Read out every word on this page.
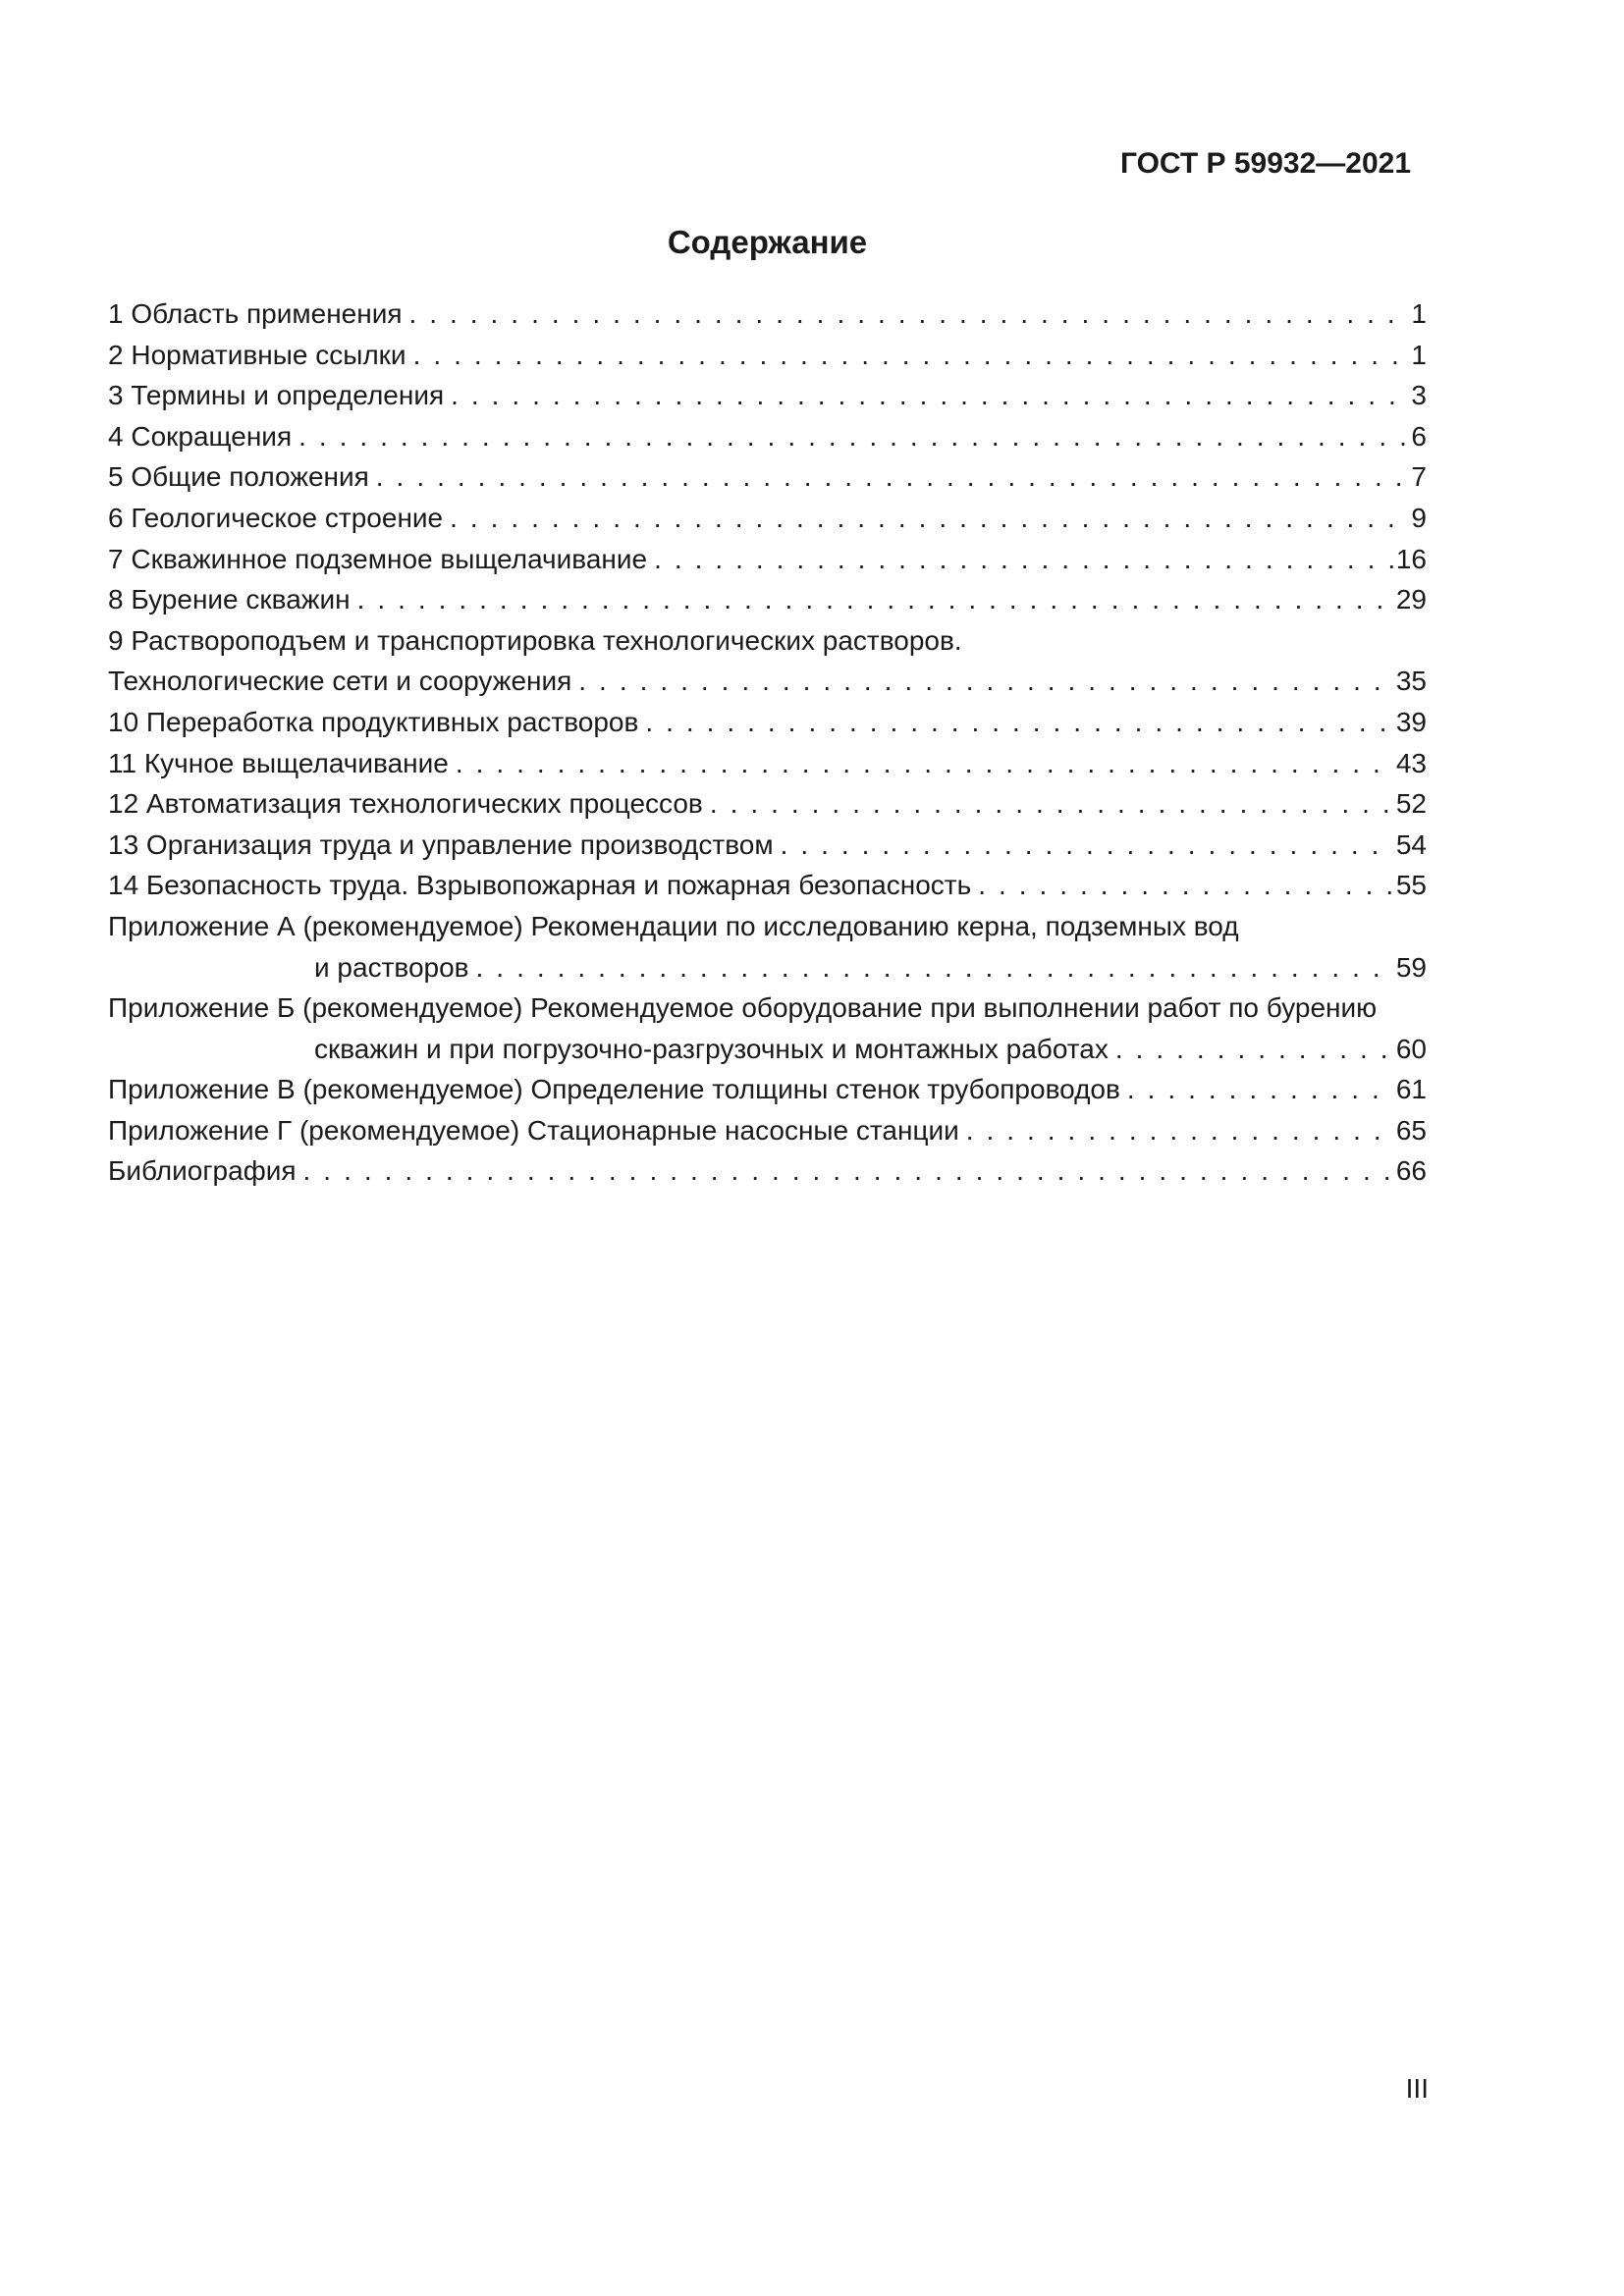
ГОСТ Р 59932—2021
Содержание
1 Область применения . . .	1
2 Нормативные ссылки . . .	1
3 Термины и определения . . .	3
4 Сокращения . . .	6
5 Общие положения . . .	7
6 Геологическое строение . . .	9
7 Скважинное подземное выщелачивание . . .	16
8 Бурение скважин . . .	29
9 Раствороподъем и транспортировка технологических растворов.
Технологические сети и сооружения . . .	35
10 Переработка продуктивных растворов . . .	39
11 Кучное выщелачивание . . .	43
12 Автоматизация технологических процессов . . .	52
13 Организация труда и управление производством . . .	54
14 Безопасность труда. Взрывопожарная и пожарная безопасность . . .	55
Приложение А (рекомендуемое) Рекомендации по исследованию керна, подземных вод
и растворов . . .	59
Приложение Б (рекомендуемое) Рекомендуемое оборудование при выполнении работ по бурению
скважин и при погрузочно-разгрузочных и монтажных работах . . .	60
Приложение В (рекомендуемое) Определение толщины стенок трубопроводов . . .	61
Приложение Г (рекомендуемое) Стационарные насосные станции . . .	65
Библиография . . .	66
III
